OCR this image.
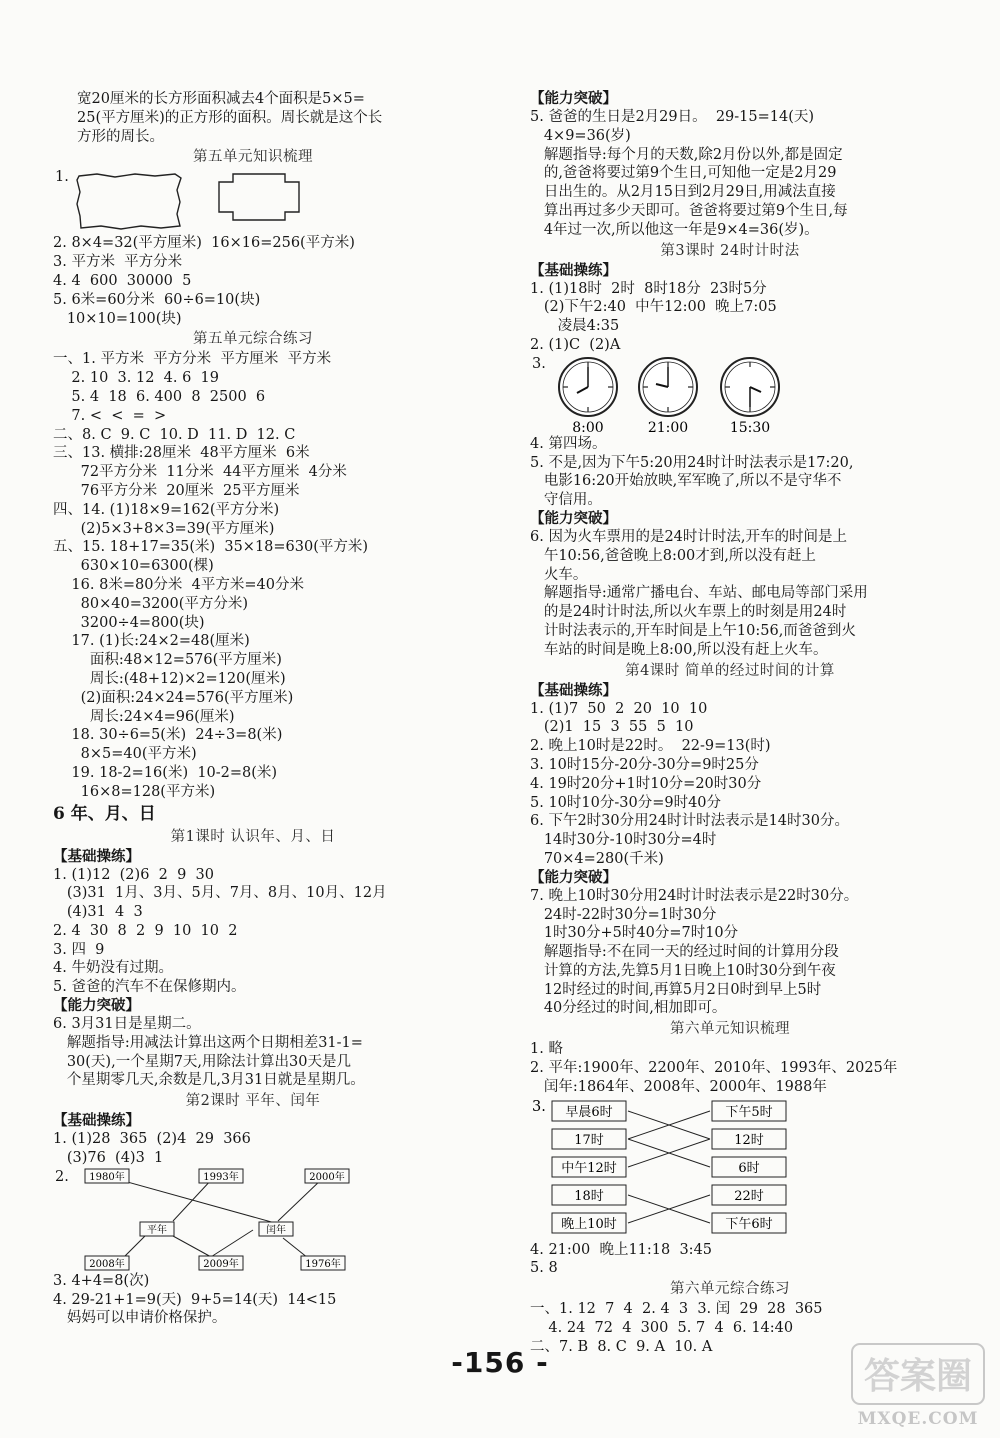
宽20厘米的长方形面积减去4个面积是5×5=
25(平方厘米)的正方形的面积。周长就是这个长
方形的周长。
第五单元知识梳理
1.
2. 8×4=32(平方厘米)  16×16=256(平方米)
3. 平方米  平方分米
4. 4  600  30000  5
5. 6米=60分米  60÷6=10(块)
10×10=100(块)
第五单元综合练习
一、1. 平方米  平方分米  平方厘米  平方米
2. 10  3. 12  4. 6  19
5. 4  18  6. 400  8  2500  6
7. <  <  =  >
二、8. C  9. C  10. D  11. D  12. C
三、13. 横排:28厘米  48平方厘米  6米
72平方分米  11分米  44平方厘米  4分米
76平方分米  20厘米  25平方厘米
四、14. (1)18×9=162(平方分米)
(2)5×3+8×3=39(平方厘米)
五、15. 18+17=35(米)  35×18=630(平方米)
630×10=6300(棵)
16. 8米=80分米  4平方米=40分米
80×40=3200(平方分米)
3200÷4=800(块)
17. (1)长:24×2=48(厘米)
面积:48×12=576(平方厘米)
周长:(48+12)×2=120(厘米)
(2)面积:24×24=576(平方厘米)
周长:24×4=96(厘米)
18. 30÷6=5(米)  24÷3=8(米)
8×5=40(平方米)
19. 18-2=16(米)  10-2=8(米)
16×8=128(平方米)
6 年、月、日
第1课时 认识年、月、日
【基础操练】
1. (1)12  (2)6  2  9  30
(3)31  1月、3月、5月、7月、8月、10月、12月
(4)31  4  3
2. 4  30  8  2  9  10  10  2
3. 四  9
4. 牛奶没有过期。
5. 爸爸的汽车不在保修期内。
【能力突破】
6. 3月31日是星期二。
解题指导:用减法计算出这两个日期相差31-1=
30(天),一个星期7天,用除法计算出30天是几
个星期零几天,余数是几,3月31日就是星期几。
第2课时 平年、闰年
【基础操练】
1. (1)28  365  (2)4  29  366
(3)76  (4)3  1
2. 1980年	1993年	2000年
平年	闰年
2008年	2009年	1976年
3. 4+4=8(次)
4. 29-21+1=9(天)  9+5=14(天)  14<15
妈妈可以申请价格保护。
【能力突破】
5. 爸爸的生日是2月29日。  29-15=14(天)
4×9=36(岁)
解题指导:每个月的天数,除2月份以外,都是固定
的,爸爸将要过第9个生日,可知他一定是2月29
日出生的。从2月15日到2月29日,用减法直接
算出再过多少天即可。爸爸将要过第9个生日,每
4年过一次,所以他这一年是9×4=36(岁)。
第3课时 24时计时法
【基础操练】
1. (1)18时  2时  8时18分  23时5分
(2)下午2:40  中午12:00  晚上7:05
凌晨4:35
2. (1)C  (2)A
3.
8:00	21:00	15:30
4. 第四场。
5. 不是,因为下午5:20用24时计时法表示是17:20,
电影16:20开始放映,军军晚了,所以不是守华不
守信用。
【能力突破】
6. 因为火车票用的是24时计时法,开车的时间是上
午10:56,爸爸晚上8:00才到,所以没有赶上
火车。
解题指导:通常广播电台、车站、邮电局等部门采用
的是24时计时法,所以火车票上的时刻是用24时
计时法表示的,开车时间是上午10:56,而爸爸到火
车站的时间是晚上8:00,所以没有赶上火车。
第4课时 简单的经过时间的计算
【基础操练】
1. (1)7  50  2  20  10  10
(2)1  15  3  55  5  10
2. 晚上10时是22时。  22-9=13(时)
3. 10时15分-20分-30分=9时25分
4. 19时20分+1时10分=20时30分
5. 10时10分-30分=9时40分
6. 下午2时30分用24时计时法表示是14时30分。
14时30分-10时30分=4时
70×4=280(千米)
【能力突破】
7. 晚上10时30分用24时计时法表示是22时30分。
24时-22时30分=1时30分
1时30分+5时40分=7时10分
解题指导:不在同一天的经过时间的计算用分段
计算的方法,先算5月1日晚上10时30分到午夜
12时经过的时间,再算5月2日0时到早上5时
40分经过的时间,相加即可。
第六单元知识梳理
1. 略
2. 平年:1900年、2200年、2010年、1993年、2025年
闰年:1864年、2008年、2000年、1988年
3. 早晨6时
17时
中午12时
18时
晚上10时
下午5时
12时
6时
22时
下午6时
4. 21:00  晚上11:18  3:45
5. 8
第六单元综合练习
一、1. 12  7  4  2. 4  3  3. 闰  29  28  365
4. 24  72  4  300  5. 7  4  6. 14:40
二、7. B  8. C  9. A  10. A
-156 -	答案圈
MXQE.COM
